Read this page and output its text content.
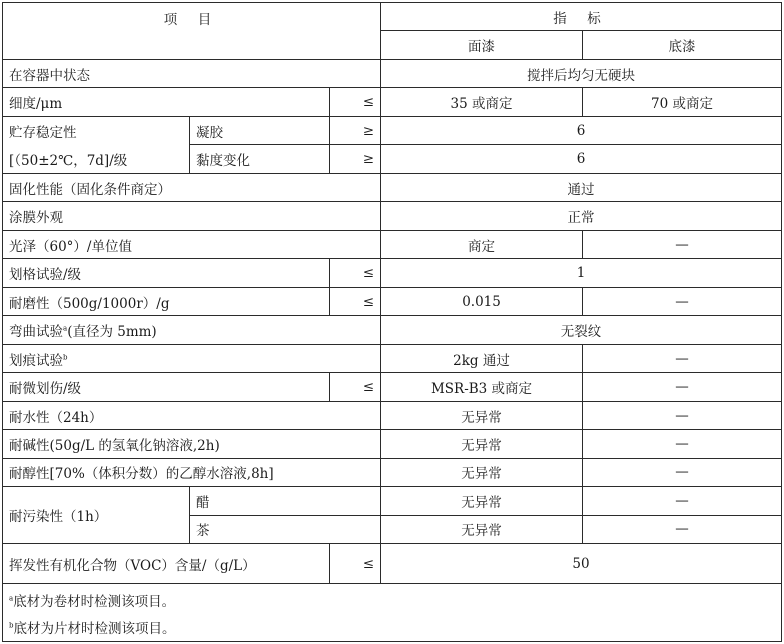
项 目			指 标	
			面漆	底漆
在容器中状态			搅拌后均匀无硬块	
细度/μm		≤	35 或商定	70 或商定
贮存稳定性	凝胶	≥	6	
[（50±2℃，7d]/级	黏度变化	≥	6	
固化性能（固化条件商定）			通过	
涂膜外观			正常	
光泽（60°）/单位值			商定	—
划格试验/级		≤	1	
耐磨性（500g/1000r）/g		≤	0.015	—
弯曲试验$^a$(直径为 5mm)			无裂纹	
划痕试验$^b$			2kg 通过	—
耐微划伤/级		≤	MSR-B3 或商定	—
耐水性（24h）			无异常	—
耐碱性(50g/L 的氢氧化钠溶液,2h)			无异常	—
耐醇性[70%（体积分数）的乙醇水溶液,8h]			无异常	—
耐污染性（1h）	醋		无异常	—
	茶		无异常	—
挥发性有机化合物（VOC）含量/（g/L）		≤	50	
$^a$底材为卷材时检测该项目。				
$^b$底材为片材时检测该项目。				
